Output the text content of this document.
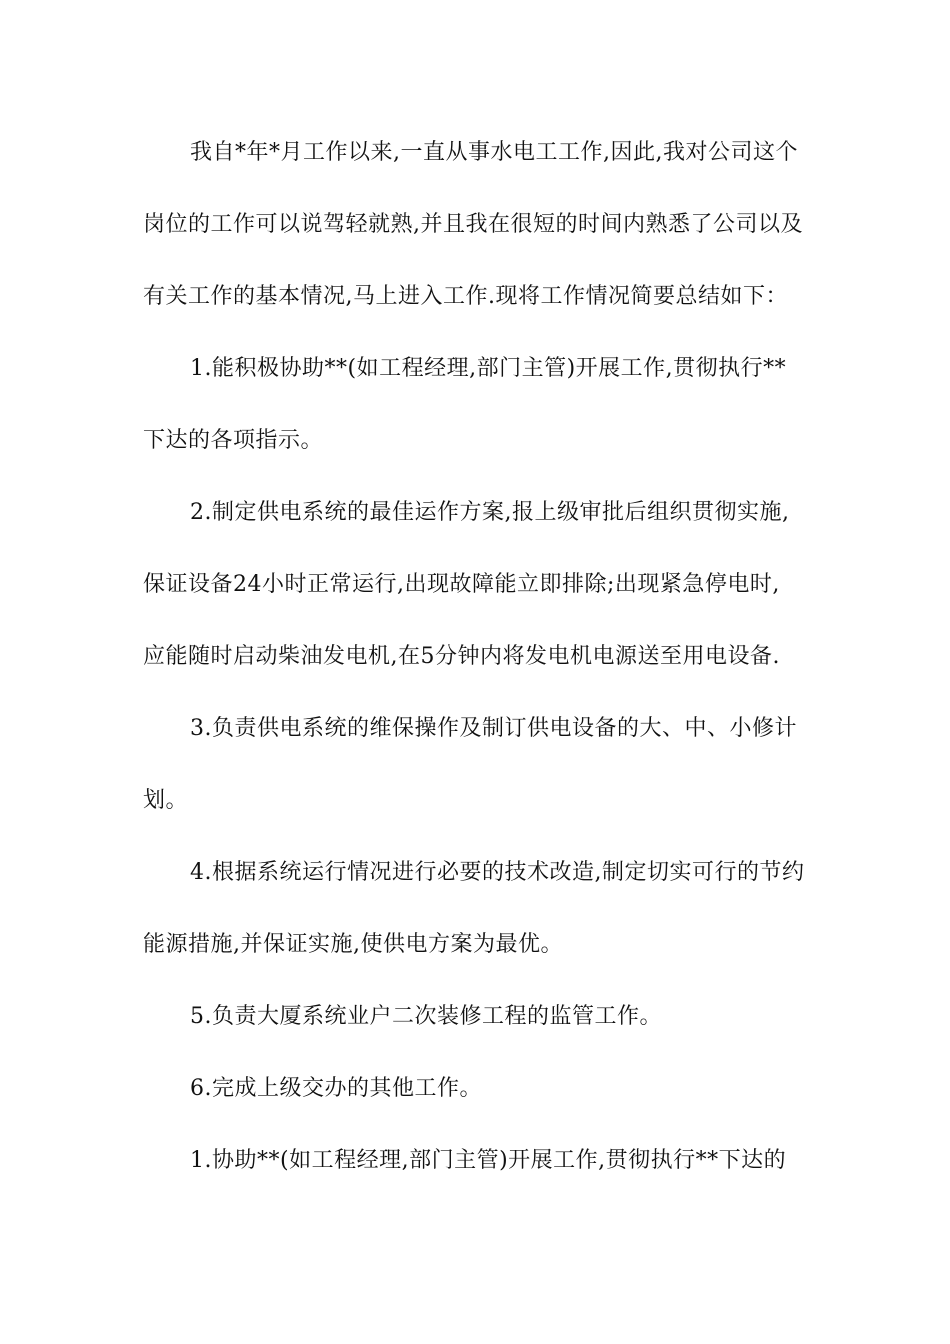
我自*年*月工作以来,一直从事水电工工作,因此,我对公司这个
岗位的工作可以说驾轻就熟,并且我在很短的时间内熟悉了公司以及
有关工作的基本情况,马上进入工作.现将工作情况简要总结如下：
1.能积极协助**(如工程经理,部门主管)开展工作,贯彻执行**
下达的各项指示。
2.制定供电系统的最佳运作方案,报上级审批后组织贯彻实施,
保证设备24小时正常运行,出现故障能立即排除;出现紧急停电时,
应能随时启动柴油发电机,在5分钟内将发电机电源送至用电设备.
3.负责供电系统的维保操作及制订供电设备的大、中、小修计
划。
4.根据系统运行情况进行必要的技术改造,制定切实可行的节约
能源措施,并保证实施,使供电方案为最优。
5.负责大厦系统业户二次装修工程的监管工作。
6.完成上级交办的其他工作。
1.协助**(如工程经理,部门主管)开展工作,贯彻执行**下达的
